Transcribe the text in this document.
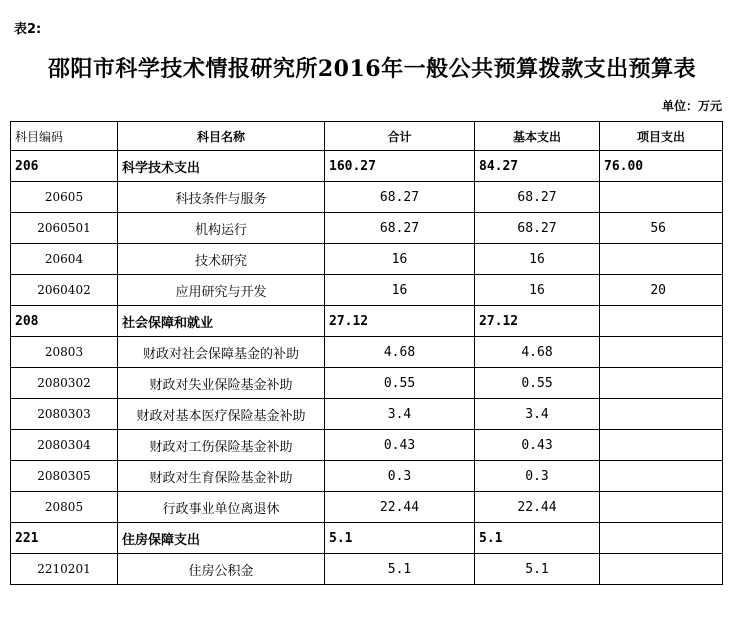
表2:
邵阳市科学技术情报研究所2016年一般公共预算拨款支出预算表
单位：万元
科目编码	科目名称	合计	基本支出	项目支出
206	科学技术支出	160.27	84.27	76.00
20605	科技条件与服务	68.27	68.27	
2060501	机构运行	68.27	68.27	56
20604	技术研究	16	16	
2060402	应用研究与开发	16	16	20
208	社会保障和就业	27.12	27.12	
20803	财政对社会保障基金的补助	4.68	4.68	
2080302	财政对失业保险基金补助	0.55	0.55	
2080303	财政对基本医疗保险基金补助	3.4	3.4	
2080304	财政对工伤保险基金补助	0.43	0.43	
2080305	财政对生育保险基金补助	0.3	0.3	
20805	行政事业单位离退休	22.44	22.44	
221	住房保障支出	5.1	5.1	
2210201	住房公积金	5.1	5.1	
